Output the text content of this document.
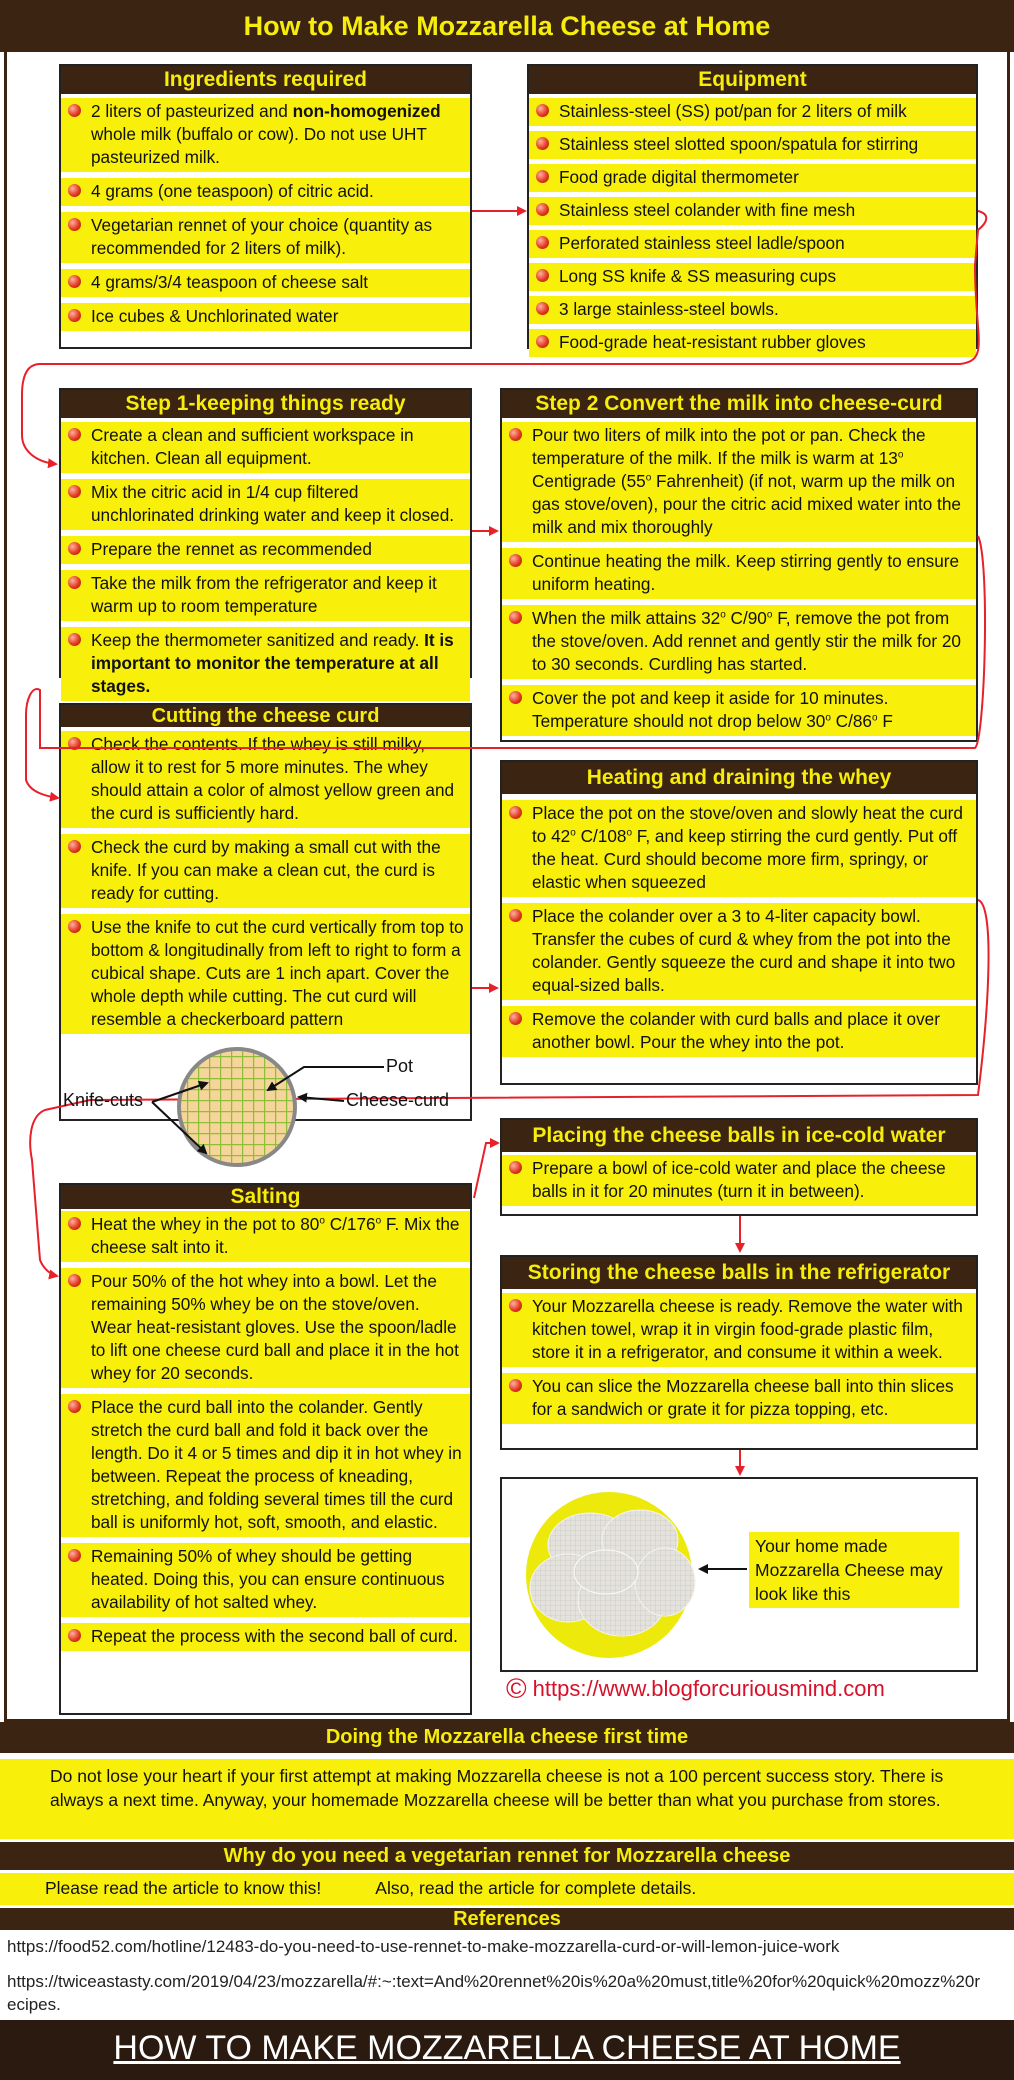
How to Make Mozzarella Cheese at Home
Ingredients required
2 liters of pasteurized and non-homogenized whole milk (buffalo or cow). Do not use UHT pasteurized milk.
4 grams (one teaspoon) of citric acid.
Vegetarian rennet of your choice (quantity as recommended for 2 liters of milk).
4 grams/3/4 teaspoon of cheese salt
Ice cubes & Unchlorinated water
Equipment
Stainless-steel (SS) pot/pan for 2 liters of milk
Stainless steel slotted spoon/spatula for stirring
Food grade digital thermometer
Stainless steel colander with fine mesh
Perforated stainless steel ladle/spoon
Long SS knife & SS measuring cups
3 large stainless-steel bowls.
Food-grade heat-resistant rubber gloves
Step 1-keeping things ready
Create a clean and sufficient workspace in kitchen. Clean all equipment.
Mix the citric acid in 1/4 cup filtered unchlorinated drinking water and keep it closed.
Prepare the rennet as recommended
Take the milk from the refrigerator and keep it warm up to room temperature
Keep the thermometer sanitized and ready. It is important to monitor the temperature at all stages.
Step 2 Convert the milk into cheese-curd
Pour two liters of milk into the pot or pan. Check the temperature of the milk. If the milk is warm at 13$^o$ Centigrade (55$^o$ Fahrenheit) (if not, warm up the milk on gas stove/oven), pour the citric acid mixed water into the milk and mix thoroughly
Continue heating the milk. Keep stirring gently to ensure uniform heating.
When the milk attains 32$^o$ C/90$^o$ F, remove the pot from the stove/oven. Add rennet and gently stir the milk for 20 to 30 seconds. Curdling has started.
Cover the pot and keep it aside for 10 minutes. Temperature should not drop below 30$^o$ C/86$^o$ F
Cutting the cheese curd
Check the contents. If the whey is still milky, allow it to rest for 5 more minutes. The whey should attain a color of almost yellow green and the curd is sufficiently hard.
Check the curd by making a small cut with the knife. If you can make a clean cut, the curd is ready for cutting.
Use the knife to cut the curd vertically from top to bottom & longitudinally from left to right to form a cubical shape. Cuts are 1 inch apart. Cover the whole depth while cutting. The cut curd will resemble a checkerboard pattern
Heating and draining the whey
Place the pot on the stove/oven and slowly heat the curd to 42$^o$ C/108$^o$ F, and keep stirring the curd gently. Put off the heat. Curd should become more firm, springy, or elastic when squeezed
Place the colander over a 3 to 4-liter capacity bowl. Transfer the cubes of curd & whey from the pot into the colander. Gently squeeze the curd and shape it into two equal-sized balls.
Remove the colander with curd balls and place it over another bowl. Pour the whey into the pot.
Salting
Heat the whey in the pot to 80$^o$ C/176$^o$ F. Mix the cheese salt into it.
Pour 50% of the hot whey into a bowl. Let the remaining 50% whey be on the stove/oven. Wear heat-resistant gloves. Use the spoon/ladle to lift one cheese curd ball and place it in the hot whey for 20 seconds.
Place the curd ball into the colander. Gently stretch the curd ball and fold it back over the length. Do it 4 or 5 times and dip it in hot whey in between. Repeat the process of kneading, stretching, and folding several times till the curd ball is uniformly hot, soft, smooth, and elastic.
Remaining 50% of whey should be getting heated. Doing this, you can ensure continuous availability of hot salted whey.
Repeat the process with the second ball of curd.
Placing the cheese balls in ice-cold water
Prepare a bowl of ice-cold water and place the cheese balls in it for 20 minutes (turn it in between).
Storing the cheese balls in the refrigerator
Your Mozzarella cheese is ready. Remove the water with kitchen towel, wrap it in virgin food-grade plastic film, store it in a refrigerator, and consume it within a week.
You can slice the Mozzarella cheese ball into thin slices for a sandwich or grate it for pizza topping, etc.
Your home made Mozzarella Cheese may look like this
© https://www.blogforcuriousmind.com
Doing the Mozzarella cheese first time
Do not lose your heart if your first attempt at making Mozzarella cheese is not a 100 percent success story. There is always a next time. Anyway, your homemade Mozzarella cheese will be better than what you purchase from stores.
Why do you need a vegetarian rennet for Mozzarella cheese
Please read the article to know this!	Also, read the article for complete details.
References
https://food52.com/hotline/12483-do-you-need-to-use-rennet-to-make-mozzarella-curd-or-will-lemon-juice-work
https://twiceastasty.com/2019/04/23/mozzarella/#:~:text=And%20rennet%20is%20a%20must,title%20for%20quick%20mozz%20recipes.
HOW TO MAKE MOZZARELLA CHEESE AT HOME
Pot
Knife-cuts	Cheese-curd
